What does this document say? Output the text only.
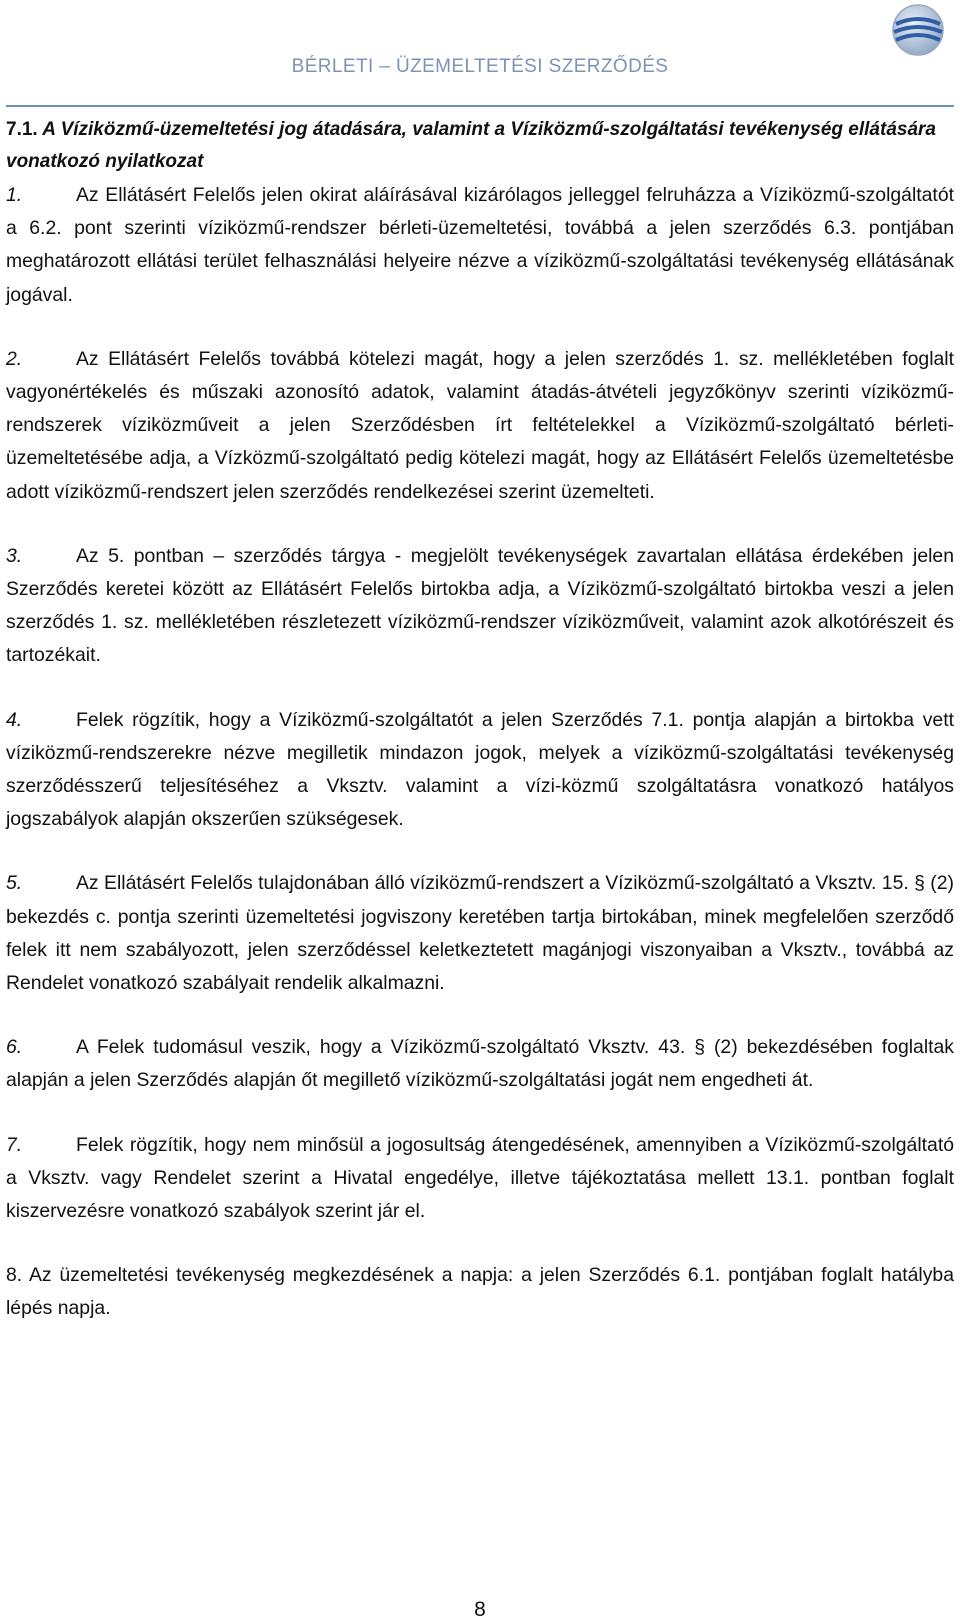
BÉRLETI – ÜZEMELTETÉSI SZERZŐDÉS
7.1. A Víziközmű-üzemeltetési jog átadására, valamint a Víziközmű-szolgáltatási tevékenység ellátására vonatkozó nyilatkozat

1.	Az Ellátásért Felelős jelen okirat aláírásával kizárólagos jelleggel felruházza a Víziközmű-szolgáltatót a 6.2. pont szerinti víziközmű-rendszer bérleti-üzemeltetési, továbbá a jelen szerződés 6.3. pontjában meghatározott ellátási terület felhasználási helyeire nézve a víziközmű-szolgáltatási tevékenység ellátásának jogával.

2.	Az Ellátásért Felelős továbbá kötelezi magát, hogy a jelen szerződés 1. sz. mellékletében foglalt vagyonértékelés és műszaki azonosító adatok, valamint átadás-átvételi jegyzőkönyv szerinti víziközmű-rendszerek víziközműveit a jelen Szerződésben írt feltételekkel a Víziközmű-szolgáltató bérleti-üzemeltetésébe adja, a Vízközmű-szolgáltató pedig kötelezi magát, hogy az Ellátásért Felelős üzemeltetésbe adott víziközmű-rendszert jelen szerződés rendelkezései szerint üzemelteti.

3.	Az 5. pontban – szerződés tárgya - megjelölt tevékenységek zavartalan ellátása érdekében jelen Szerződés keretei között az Ellátásért Felelős birtokba adja, a Víziközmű-szolgáltató birtokba veszi a jelen szerződés 1. sz. mellékletében részletezett víziközmű-rendszer víziközműveit, valamint azok alkotórészeit és tartozékait.

4.	Felek rögzítik, hogy a Víziközmű-szolgáltatót a jelen Szerződés 7.1. pontja alapján a birtokba vett víziközmű-rendszerekre nézve megilletik mindazon jogok, melyek a víziközmű-szolgáltatási tevékenység szerződésszerű teljesítéséhez a Vksztv. valamint a vízi-közmű szolgáltatásra vonatkozó hatályos jogszabályok alapján okszerűen szükségesek.

5.	Az Ellátásért Felelős tulajdonában álló víziközmű-rendszert a Víziközmű-szolgáltató a Vksztv. 15. § (2) bekezdés c. pontja szerinti üzemeltetési jogviszony keretében tartja birtokában, minek megfelelően szerződő felek itt nem szabályozott, jelen szerződéssel keletkeztetett magánjogi viszonyaiban a Vksztv., továbbá az Rendelet vonatkozó szabályait rendelik alkalmazni.

6.	A Felek tudomásul veszik, hogy a Víziközmű-szolgáltató Vksztv. 43. § (2) bekezdésében foglaltak alapján a jelen Szerződés alapján őt megillető víziközmű-szolgáltatási jogát nem engedheti át.

7.	Felek rögzítik, hogy nem minősül a jogosultság átengedésének, amennyiben a Víziközmű-szolgáltató a Vksztv. vagy Rendelet szerint a Hivatal engedélye, illetve tájékoztatása mellett 13.1. pontban foglalt kiszervezésre vonatkozó szabályok szerint jár el.

8. Az üzemeltetési tevékenység megkezdésének a napja: a jelen Szerződés 6.1. pontjában foglalt hatályba lépés napja.

8
